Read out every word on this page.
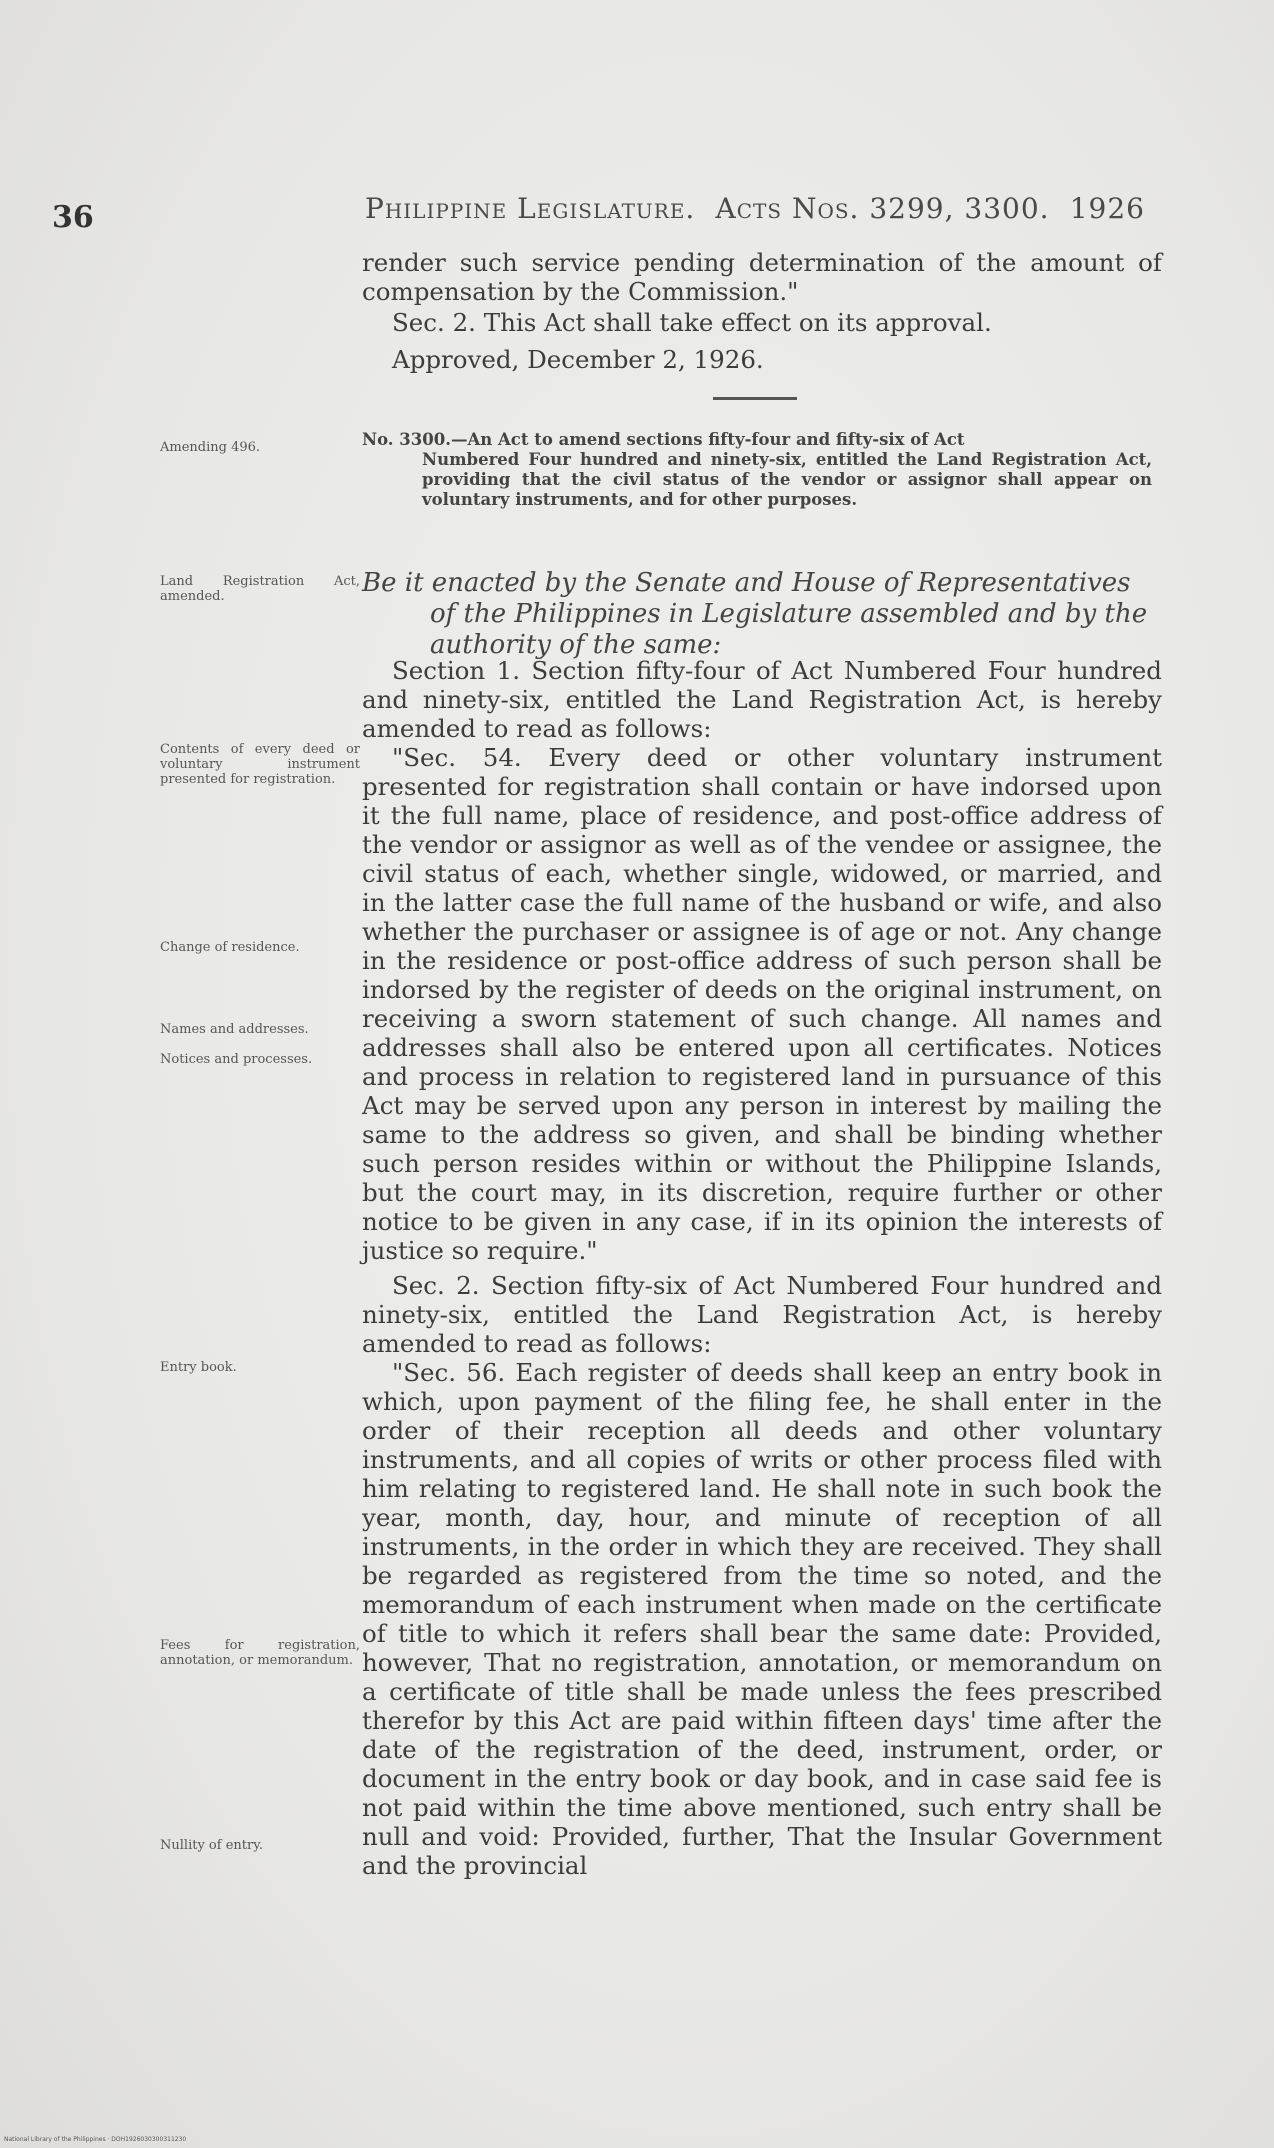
36	Philippine Legislature. Acts Nos. 3299, 3300. 1926

render such service pending determination of the amount of compensation by the Commission."

Sec. 2. This Act shall take effect on its approval.

Approved, December 2, 1926.

Amending 496.	No. 3300.—An Act to amend sections fifty-four and fifty-six of Act
Numbered Four hundred and ninety-six, entitled the Land Registration Act, providing that the civil status of the vendor or assignor shall appear on voluntary instruments, and for other purposes.
Land Registration Act, amended.	Be it enacted by the Senate and House of Representatives
of the Philippines in Legislature assembled and by the authority of the same:

Section 1. Section fifty-four of Act Numbered Four hundred and ninety-six, entitled the Land Registration Act, is hereby amended to read as follows:

"Sec. 54. Every deed or other voluntary instrument presented for registration shall contain or have indorsed upon it the full name, place of residence, and post-office address of the vendor or assignor as well as of the vendee or assignee, the civil status of each, whether single, widowed, or married, and in the latter case the full name of the husband or wife, and also whether the purchaser or assignee is of age or not. Any change in the residence or post-office address of such person shall be indorsed by the register of deeds on the original instrument, on receiving a sworn statement of such change. All names and addresses shall also be entered upon all certificates. Notices and process in relation to registered land in pursuance of this Act may be served upon any person in interest by mailing the same to the address so given, and shall be binding whether such person resides within or without the Philippine Islands, but the court may, in its discretion, require further or other notice to be given in any case, if in its opinion the interests of justice so require."

Sec. 2. Section fifty-six of Act Numbered Four hundred and ninety-six, entitled the Land Registration Act, is hereby amended to read as follows:

"Sec. 56. Each register of deeds shall keep an entry book in which, upon payment of the filing fee, he shall enter in the order of their reception all deeds and other voluntary instruments, and all copies of writs or other process filed with him relating to registered land. He shall note in such book the year, month, day, hour, and minute of reception of all instruments, in the order in which they are received. They shall be regarded as registered from the time so noted, and the memorandum of each instrument when made on the certificate of title to which it refers shall bear the same date: Provided, however, That no registration, annotation, or memorandum on a certificate of title shall be made unless the fees prescribed therefor by this Act are paid within fifteen days' time after the date of the registration of the deed, instrument, order, or document in the entry book or day book, and in case said fee is not paid within the time above mentioned, such entry shall be null and void: Provided, further, That the Insular Government and the provincial

Contents of every deed or voluntary instrument presented for registration.
Change of residence.
Names and addresses.
Notices and processes.
Entry book.
Fees for registration, annotation, or memorandum.
Nullity of entry.
National Library of the Philippines · DOH1926030300311230
